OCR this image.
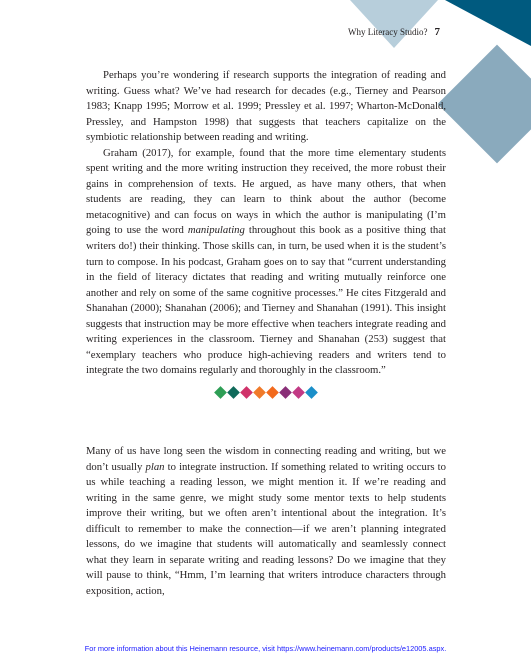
Why Literacy Studio? 7

Perhaps you’re wondering if research supports the integration of reading and writing. Guess what? We’ve had research for decades (e.g., Tierney and Pearson 1983; Knapp 1995; Morrow et al. 1999; Pressley et al. 1997; Wharton-McDonald, Pressley, and Hampston 1998) that suggests that teachers capitalize on the symbiotic relationship between reading and writing.

Graham (2017), for example, found that the more time elementary students spent writing and the more writing instruction they received, the more robust their gains in comprehension of texts. He argued, as have many others, that when students are reading, they can learn to think about the author (become metacognitive) and can focus on ways in which the author is manipulating (I’m going to use the word manipulating throughout this book as a positive thing that writers do!) their thinking. Those skills can, in turn, be used when it is the student’s turn to compose. In his podcast, Graham goes on to say that “current understanding in the field of literacy dictates that reading and writing mutually reinforce one another and rely on some of the same cognitive processes.” He cites Fitzgerald and Shanahan (2000); Shanahan (2006); and Tierney and Shanahan (1991). This insight suggests that instruction may be more effective when teachers integrate reading and writing experiences in the classroom. Tierney and Shanahan (253) suggest that “exemplary teachers who produce high-achieving readers and writers tend to integrate the two domains regularly and thoroughly in the classroom.”

Many of us have long seen the wisdom in connecting reading and writing, but we don’t usually plan to integrate instruction. If something related to writing occurs to us while teaching a reading lesson, we might mention it. If we’re reading and writing in the same genre, we might study some mentor texts to help students improve their writing, but we often aren’t intentional about the integration. It’s difficult to remember to make the connection—if we aren’t planning integrated lessons, do we imagine that students will automatically and seamlessly connect what they learn in separate writing and reading lessons? Do we imagine that they will pause to think, “Hmm, I’m learning that writers introduce characters through exposition, action,

For more information about this Heinemann resource, visit https://www.heinemann.com/products/e12005.aspx.
